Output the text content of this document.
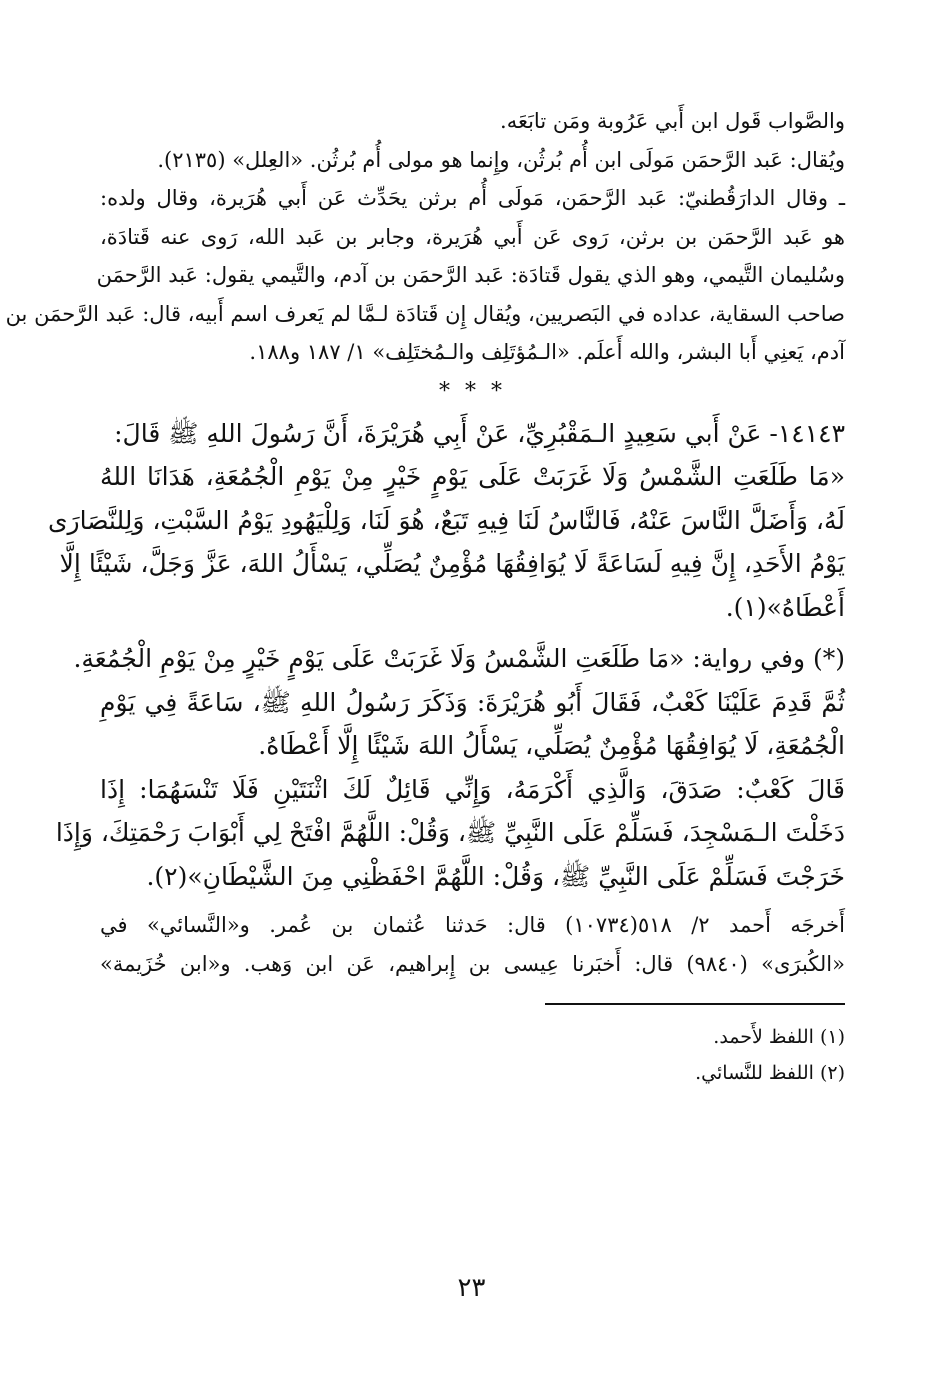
والصَّواب قَول ابن أَبي عَرُوبة ومَن تابَعَه.
ويُقال: عَبد الرَّحمَن مَولَى ابن أُم بُرثُن، وإِنما هو مولى أُم بُرثُن. «العِلل» (٢١٣٥).
ـ وقال الدارَقُطنيّ: عَبد الرَّحمَن، مَولَى أُم برثن يحَدِّث عَن أَبي هُرَيرة، وقال ولده:
هو عَبد الرَّحمَن بن برثن، رَوى عَن أَبي هُرَيرة، وجابر بن عَبد الله، رَوى عنه قَتادَة،
وسُليمان التَّيمي، وهو الذي يقول قَتادَة: عَبد الرَّحمَن بن آدم، والتَّيمي يقول: عَبد الرَّحمَن
صاحب السقاية، عداده في البَصريين، ويُقال إِن قَتادَة لـمَّا لم يَعرف اسم أَبيه، قال: عَبد الرَّحمَن بن
آدم، يَعنِي أَبا البشر، والله أَعلَم. «الـمُؤتَلِف والـمُختَلِف» ١/ ١٨٧ و١٨٨.
* * *
١٤١٤٣- عَنْ أَبي سَعِيدٍ الـمَقْبُرِيِّ، عَنْ أَبِي هُرَيْرَةَ، أَنَّ رَسُولَ اللهِ ﷺ قَالَ:
«مَا طَلَعَتِ الشَّمْسُ وَلَا غَرَبَتْ عَلَى يَوْمٍ خَيْرٍ مِنْ يَوْمِ الْجُمُعَةِ، هَدَانَا اللهُ
لَهُ، وَأَضَلَّ النَّاسَ عَنْهُ، فَالنَّاسُ لَنَا فِيهِ تَبَعٌ، هُوَ لَنَا، وَلِلْيَهُودِ يَوْمُ السَّبْتِ، وَلِلنَّصَارَى
يَوْمُ الأَحَدِ، إِنَّ فِيهِ لَسَاعَةً لَا يُوَافِقُهَا مُؤْمِنٌ يُصَلِّي، يَسْأَلُ اللهَ، عَزَّ وَجَلَّ، شَيْئًا إِلَّا
أَعْطَاهُ»(١).
(*) وفي رواية: «مَا طَلَعَتِ الشَّمْسُ وَلَا غَرَبَتْ عَلَى يَوْمٍ خَيْرٍ مِنْ يَوْمِ الْجُمُعَةِ.
ثُمَّ قَدِمَ عَلَيْنَا كَعْبٌ، فَقَالَ أَبُو هُرَيْرَةَ: وَذَكَرَ رَسُولُ اللهِ ﷺ، سَاعَةً فِي يَوْمِ
الْجُمُعَةِ، لَا يُوَافِقُهَا مُؤْمِنٌ يُصَلِّي، يَسْأَلُ اللهَ شَيْئًا إِلَّا أَعْطَاهُ.
قَالَ كَعْبٌ: صَدَقَ، وَالَّذِي أَكْرَمَهُ، وَإِنِّي قَائِلٌ لَكَ اثْنَتَيْنِ فَلَا تَنْسَهُمَا: إِذَا
دَخَلْتَ الـمَسْجِدَ، فَسَلِّمْ عَلَى النَّبِيِّ ﷺ، وَقُلْ: اللَّهُمَّ افْتَحْ لِي أَبْوَابَ رَحْمَتِكَ، وَإِذَا
خَرَجْتَ فَسَلِّمْ عَلَى النَّبِيِّ ﷺ، وَقُلْ: اللَّهُمَّ احْفَظْنِي مِنَ الشَّيْطَانِ»(٢).
أَخرجَه أَحمد ٢/ ٥١٨(١٠٧٣٤) قال: حَدثنا عُثمان بن عُمر. و«النَّسائي» في
«الكُبرَى» (٩٨٤٠) قال: أَخبَرنا عِيسى بن إِبراهيم، عَن ابن وَهب. و«ابن خُزَيمة»
(١) اللفظ لأَحمد.
(٢) اللفظ للنَّسائي.
٢٣
